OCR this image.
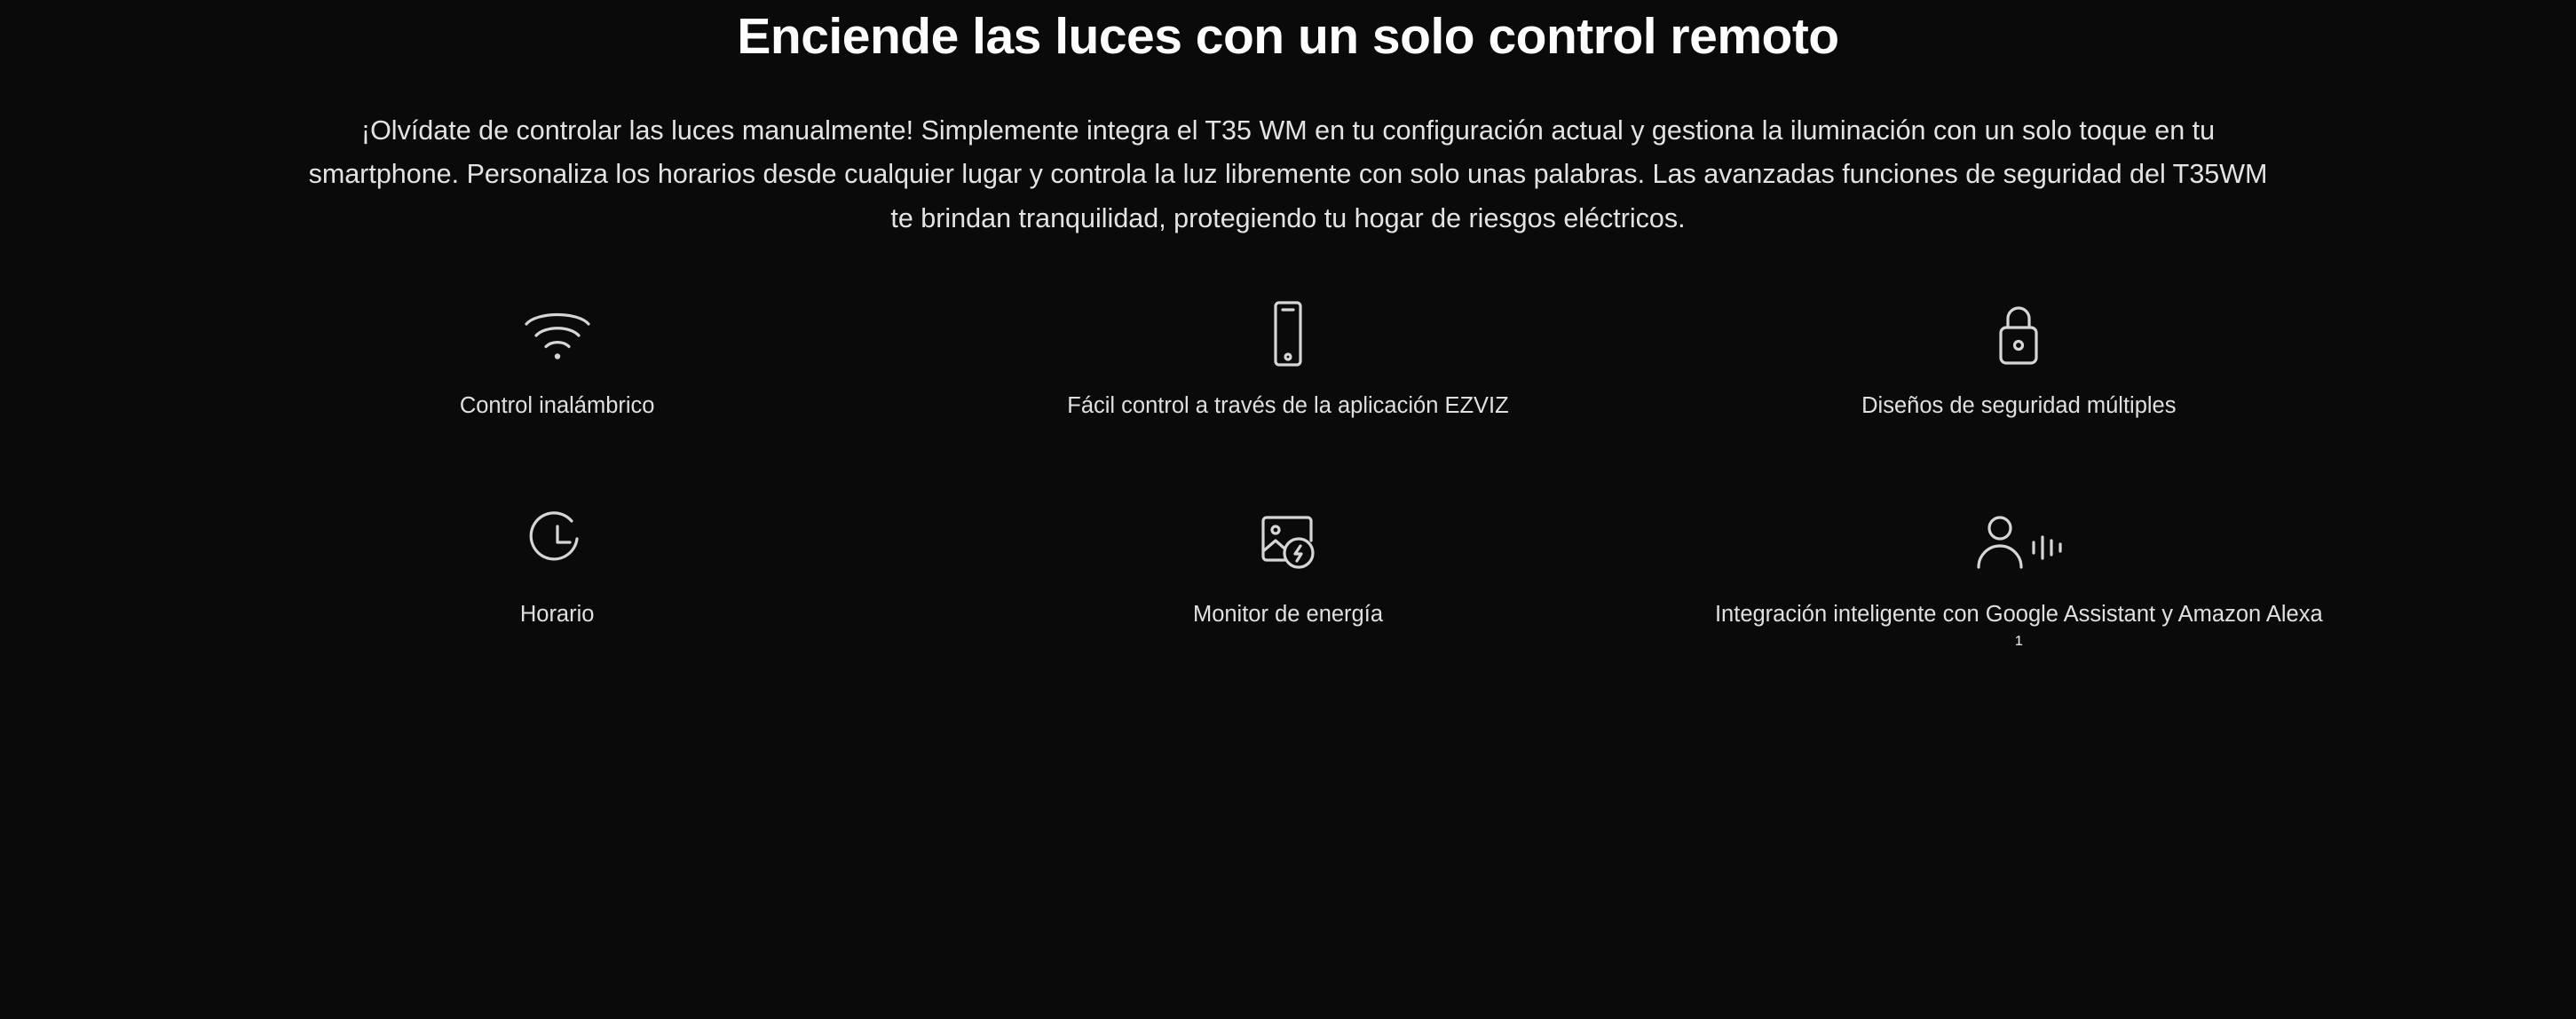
Enciende las luces con un solo control remoto

¡Olvídate de controlar las luces manualmente! Simplemente integra el T35 WM en tu configuración actual y gestiona la iluminación con un solo toque en tu smartphone. Personaliza los horarios desde cualquier lugar y controla la luz libremente con solo unas palabras. Las avanzadas funciones de seguridad del T35WM te brindan tranquilidad, protegiendo tu hogar de riesgos eléctricos.

Control inalámbrico	Fácil control a través de la aplicación EZVIZ	Diseños de seguridad múltiples
Horario	Monitor de energía	Integración inteligente con Google Assistant y Amazon Alexa ¹
